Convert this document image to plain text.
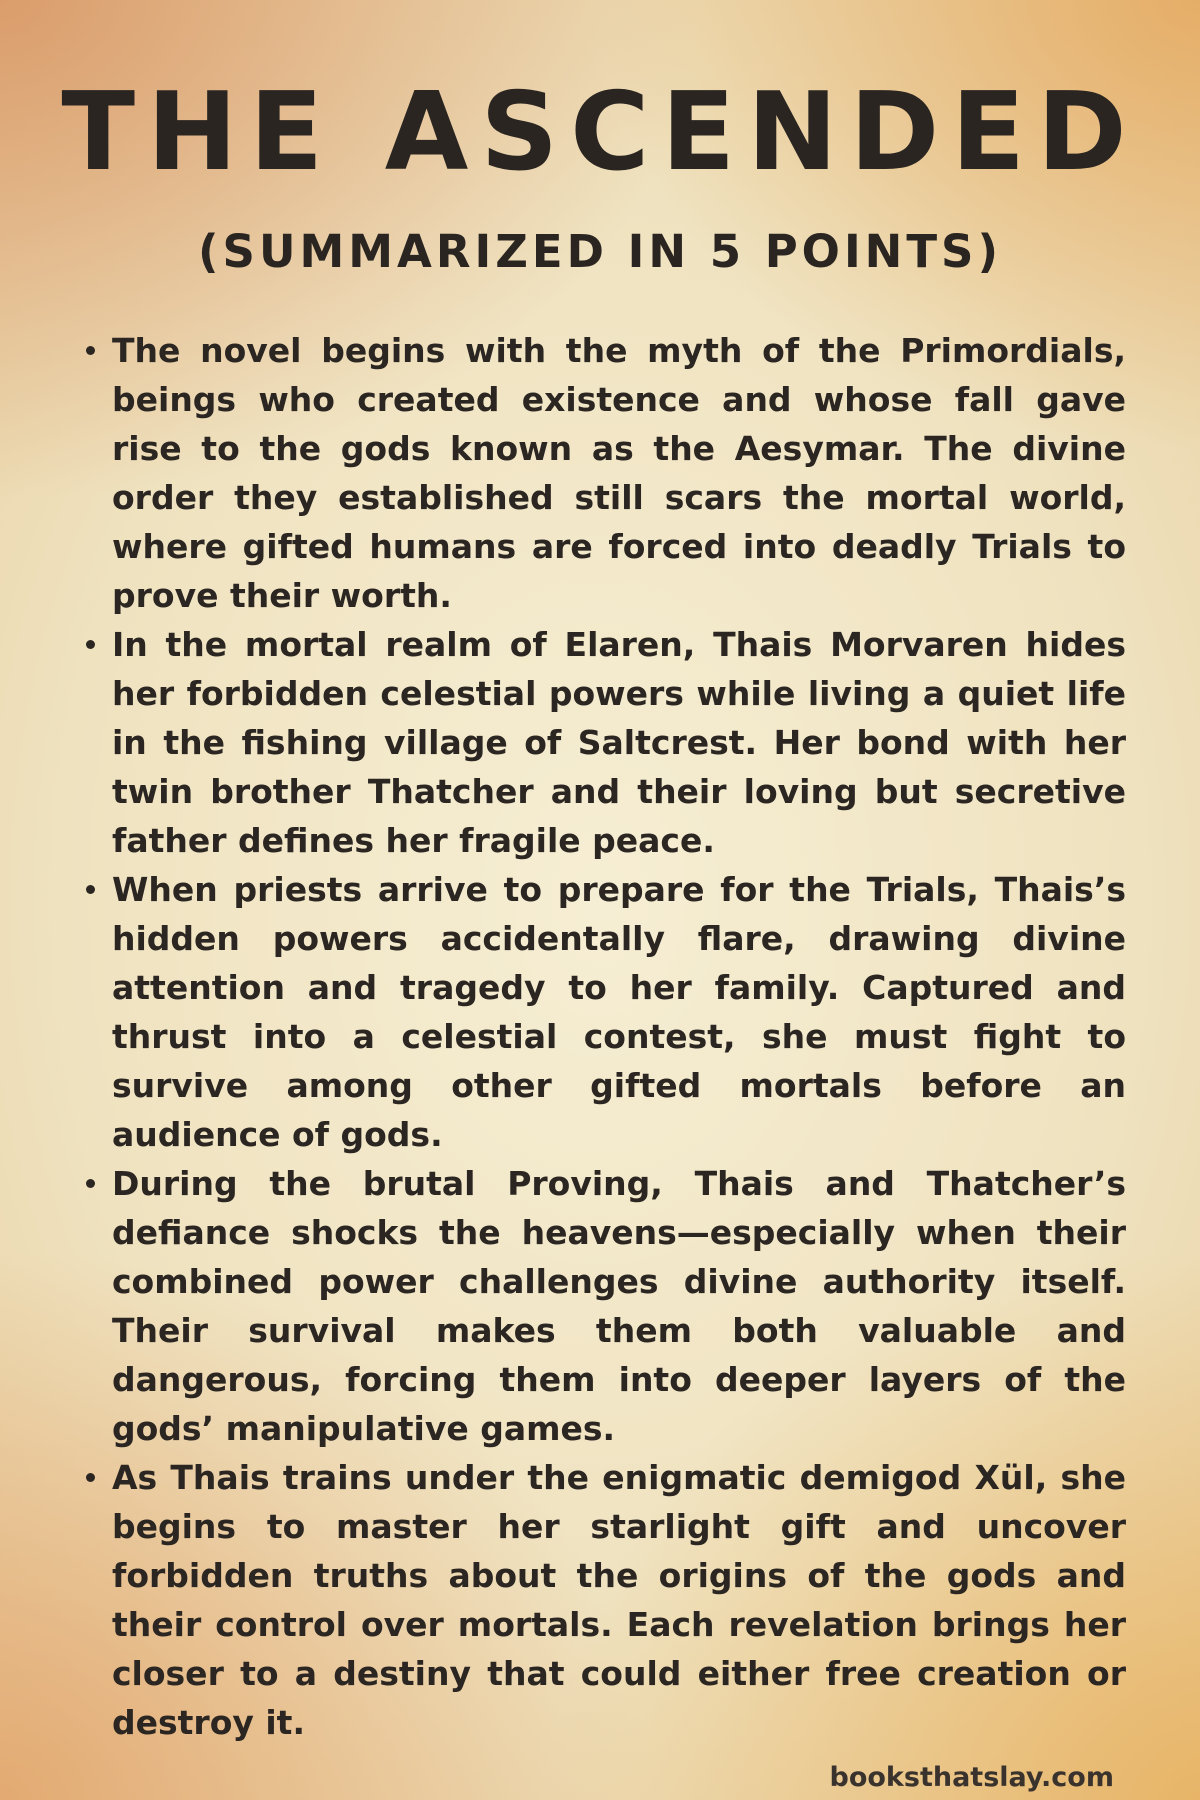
THE ASCENDED
(SUMMARIZED IN 5 POINTS)
The novel begins with the myth of the Primordials, beings who created existence and whose fall gave rise to the gods known as the Aesymar. The divine order they established still scars the mortal world, where gifted humans are forced into deadly Trials to prove their worth.
In the mortal realm of Elaren, Thais Morvaren hides her forbidden celestial powers while living a quiet life in the fishing village of Saltcrest. Her bond with her twin brother Thatcher and their loving but secretive father defines her fragile peace.
When priests arrive to prepare for the Trials, Thais’s hidden powers accidentally flare, drawing divine attention and tragedy to her family. Captured and thrust into a celestial contest, she must fight to survive among other gifted mortals before an audience of gods.
During the brutal Proving, Thais and Thatcher’s defiance shocks the heavens—especially when their combined power challenges divine authority itself. Their survival makes them both valuable and dangerous, forcing them into deeper layers of the gods’ manipulative games.
As Thais trains under the enigmatic demigod Xül, she begins to master her starlight gift and uncover forbidden truths about the origins of the gods and their control over mortals. Each revelation brings her closer to a destiny that could either free creation or destroy it.
booksthatslay.com
